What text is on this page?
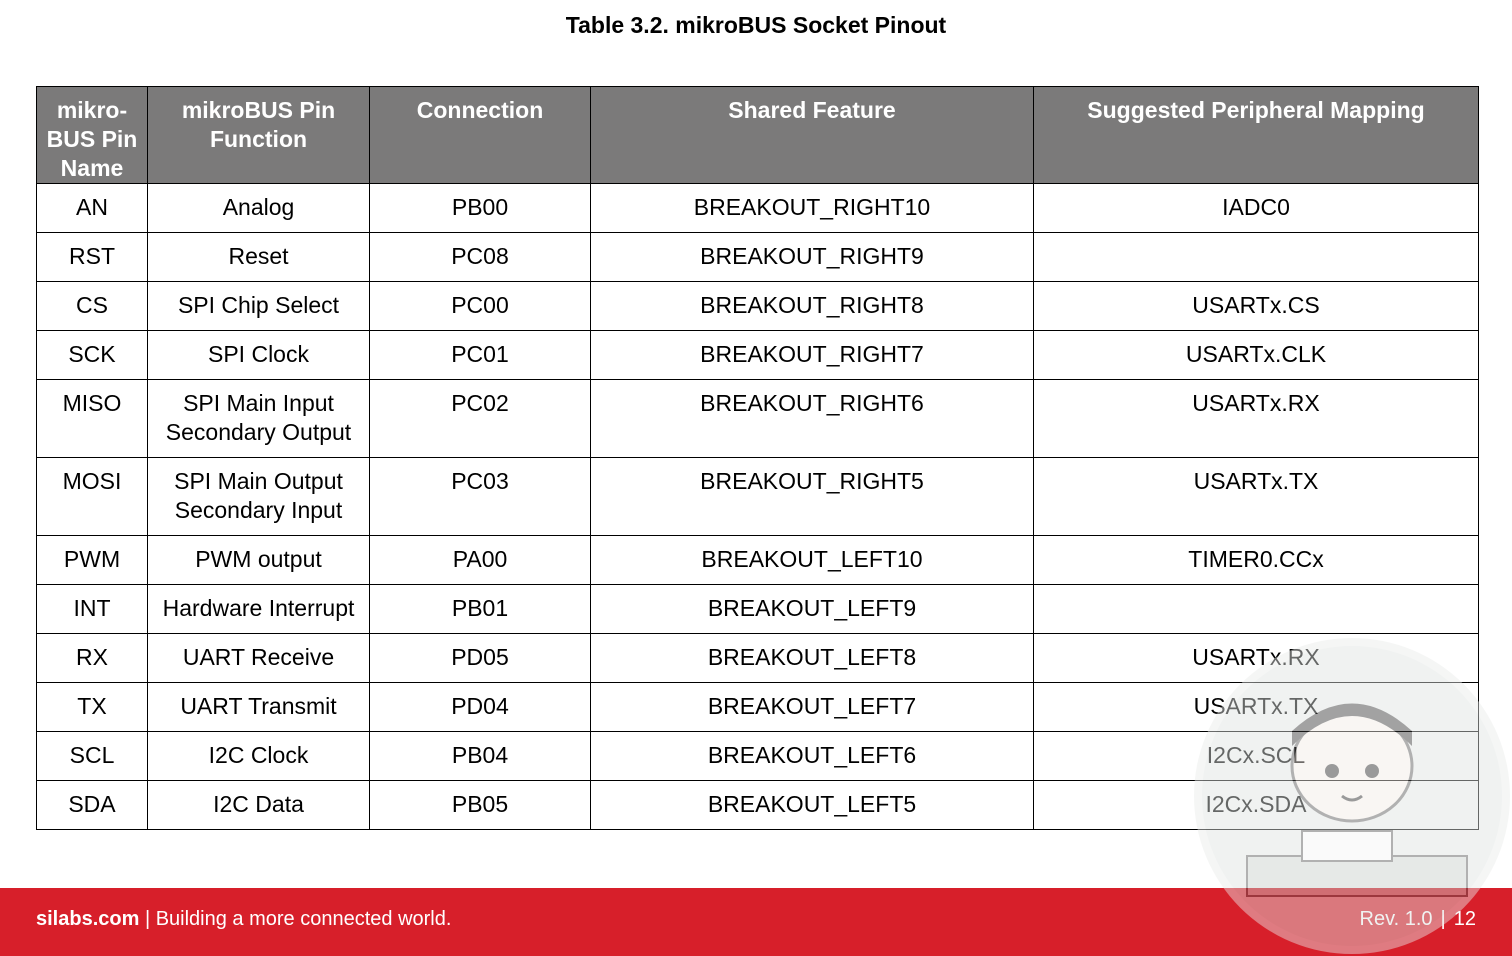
Table 3.2. mikroBUS Socket Pinout
mikro-BUS Pin Name	mikroBUS Pin Function	Connection	Shared Feature	Suggested Peripheral Mapping
AN	Analog	PB00	BREAKOUT_RIGHT10	IADC0
RST	Reset	PC08	BREAKOUT_RIGHT9	
CS	SPI Chip Select	PC00	BREAKOUT_RIGHT8	USARTx.CS
SCK	SPI Clock	PC01	BREAKOUT_RIGHT7	USARTx.CLK
MISO	SPI Main Input Secondary Output	PC02	BREAKOUT_RIGHT6	USARTx.RX
MOSI	SPI Main Output Secondary Input	PC03	BREAKOUT_RIGHT5	USARTx.TX
PWM	PWM output	PA00	BREAKOUT_LEFT10	TIMER0.CCx
INT	Hardware Interrupt	PB01	BREAKOUT_LEFT9	
RX	UART Receive	PD05	BREAKOUT_LEFT8	USARTx.RX
TX	UART Transmit	PD04	BREAKOUT_LEFT7	USARTx.TX
SCL	I2C Clock	PB04	BREAKOUT_LEFT6	I2Cx.SCL
SDA	I2C Data	PB05	BREAKOUT_LEFT5	I2Cx.SDA
silabs.com | Building a more connected world.	Rev. 1.0 | 12
